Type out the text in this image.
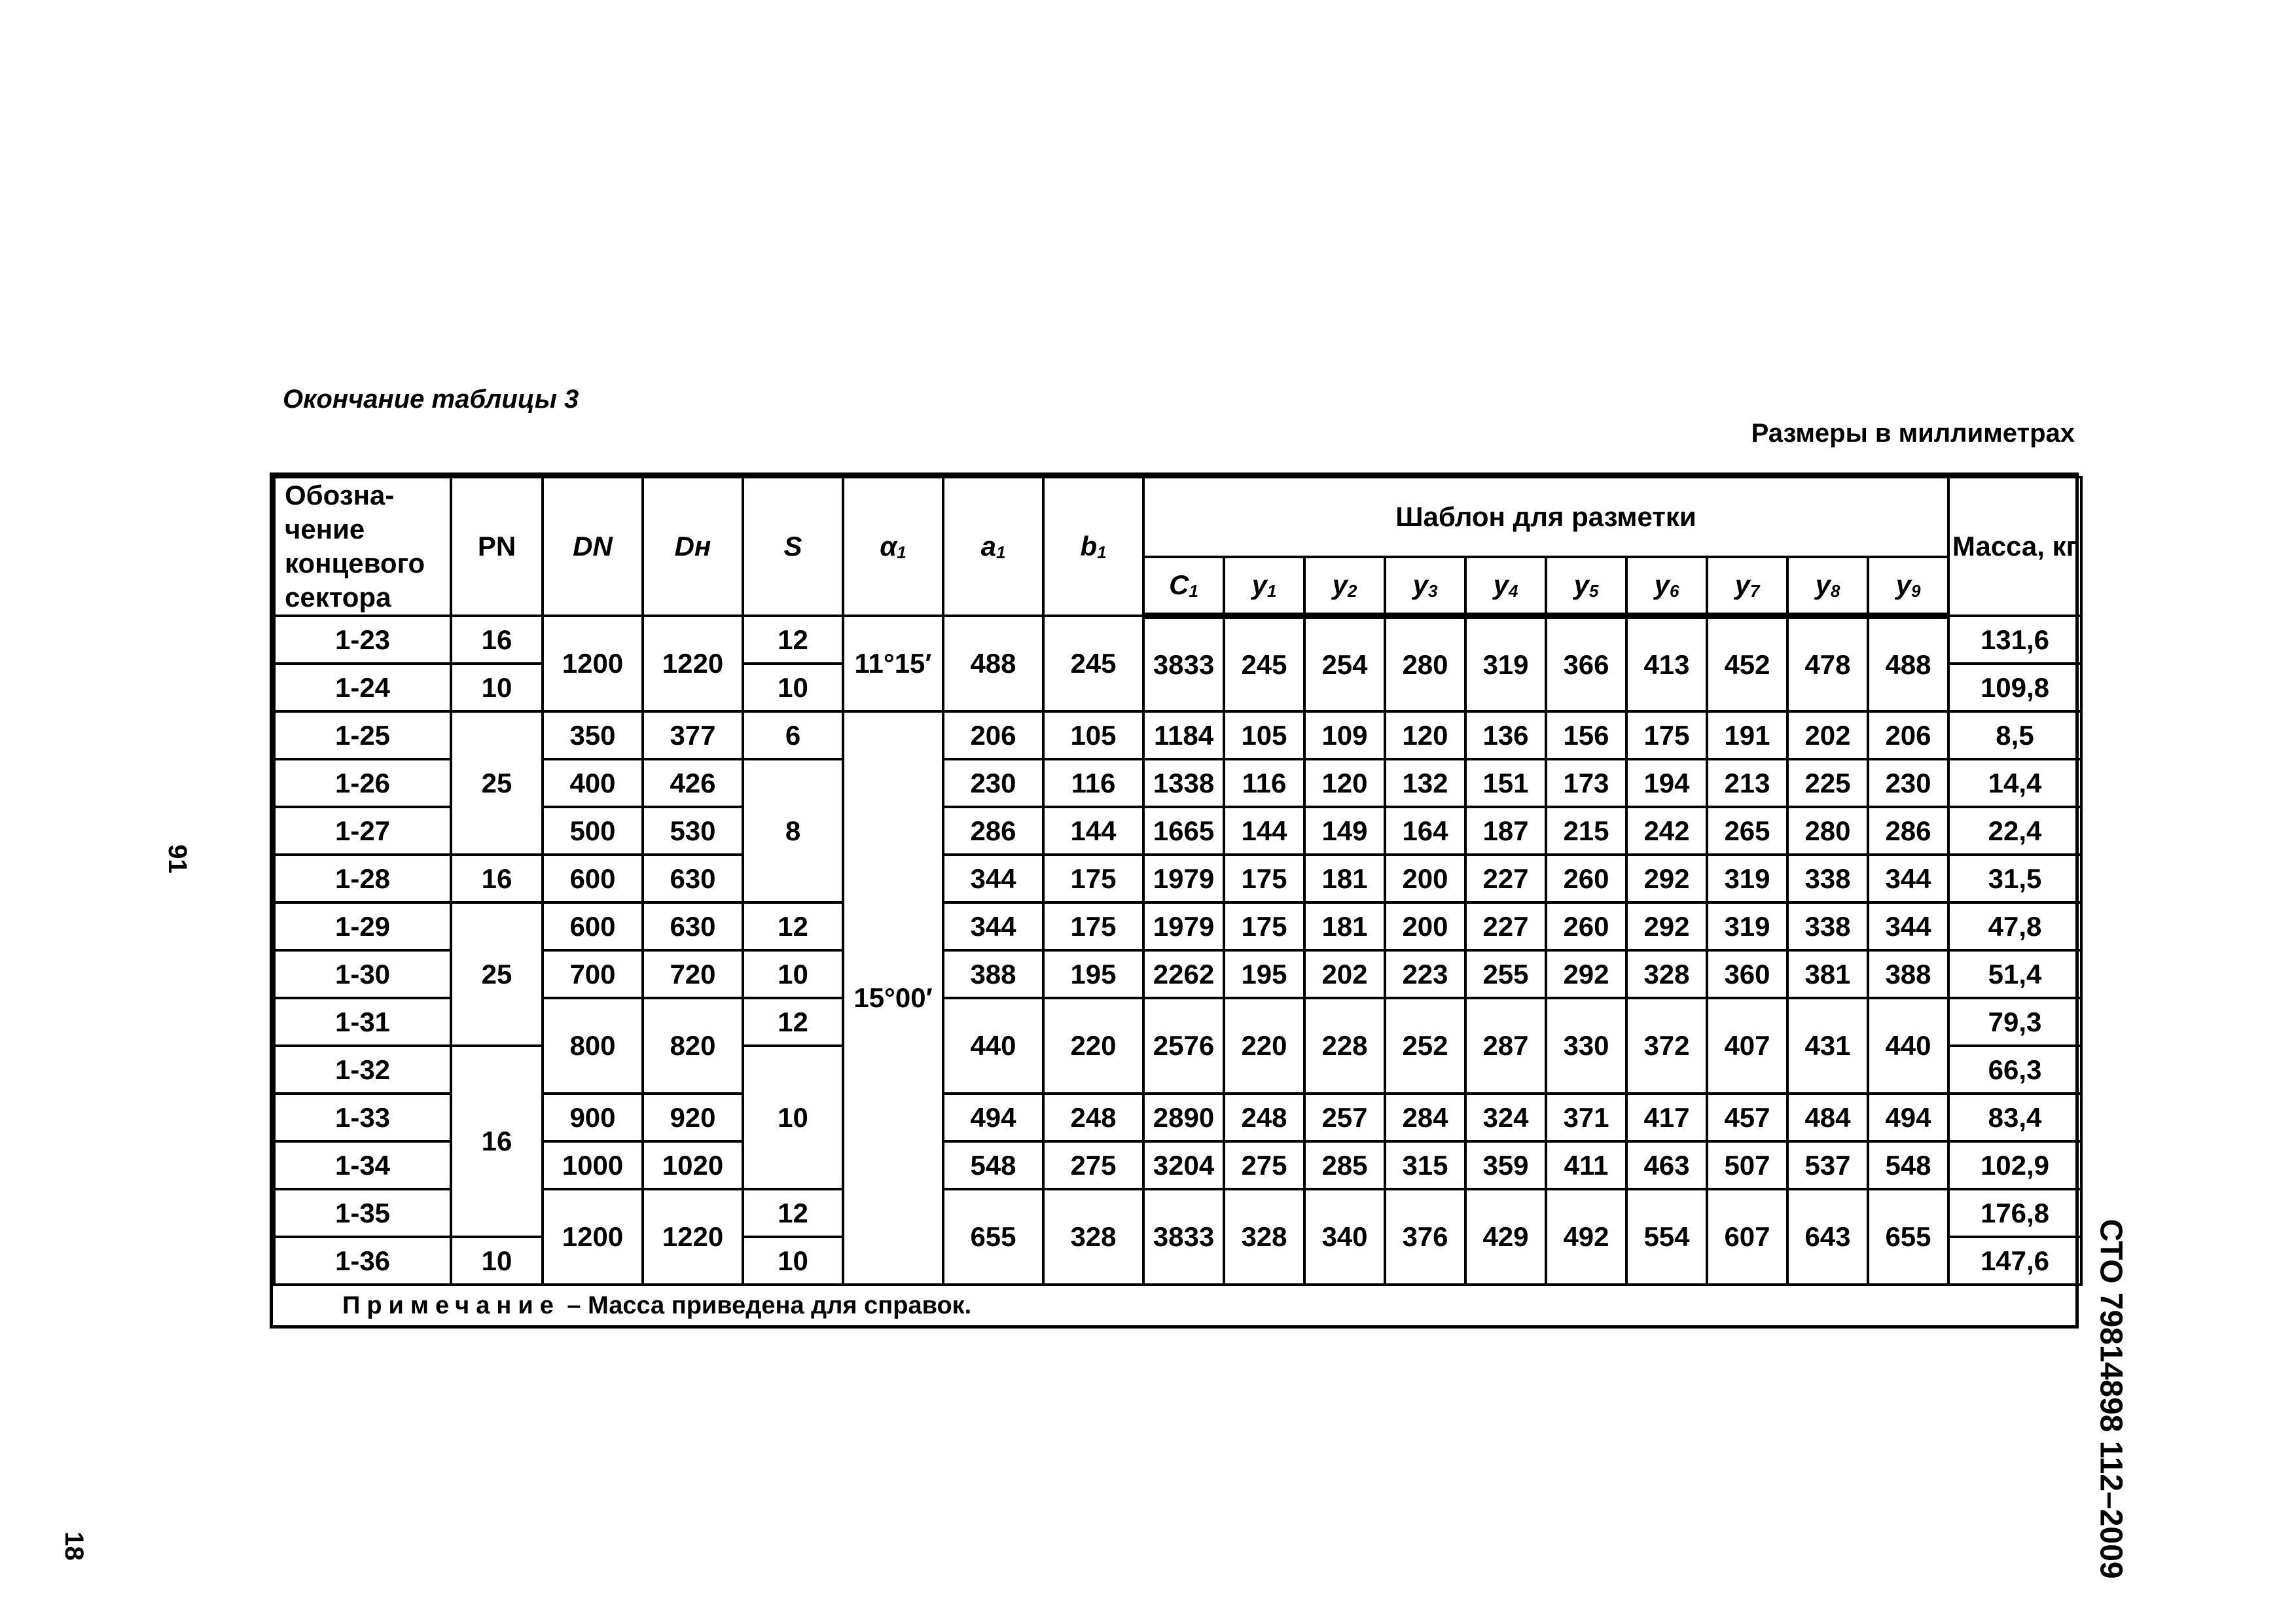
Окончание таблицы 3
Размеры в миллиметрах
91
18	СТО 79814898 112–2009
Обозна-чение концевого сектора	PN	DN	Dн	S	$\alpha_1$	$a_1$	$b_1$	Шаблон для разметки										Масса, кг
								$C_1$	$y_1$	$y_2$	$y_3$	$y_4$	$y_5$	$y_6$	$y_7$	$y_8$	$y_9$
1-23	16	1200	1220	12	11°15′	488	245	3833	245	254	280	319	366	413	452	478	488	131,6
1-24	10			10														109,8
1-25	25	350	377	6	15°00′	206	105	1184	105	109	120	136	156	175	191	202	206	8,5
1-26		400	426	8		230	116	1338	116	120	132	151	173	194	213	225	230	14,4
1-27		500	530			286	144	1665	144	149	164	187	215	242	265	280	286	22,4
1-28	16	600	630			344	175	1979	175	181	200	227	260	292	319	338	344	31,5
1-29	25	600	630	12		344	175	1979	175	181	200	227	260	292	319	338	344	47,8
1-30		700	720	10		388	195	2262	195	202	223	255	292	328	360	381	388	51,4
1-31		800	820	12		440	220	2576	220	228	252	287	330	372	407	431	440	79,3
1-32	16			10														66,3
1-33		900	920			494	248	2890	248	257	284	324	371	417	457	484	494	83,4
1-34		1000	1020			548	275	3204	275	285	315	359	411	463	507	537	548	102,9
1-35		1200	1220	12		655	328	3833	328	340	376	429	492	554	607	643	655	176,8
1-36	10			10														147,6
Примечание – Масса приведена для справок.																		
